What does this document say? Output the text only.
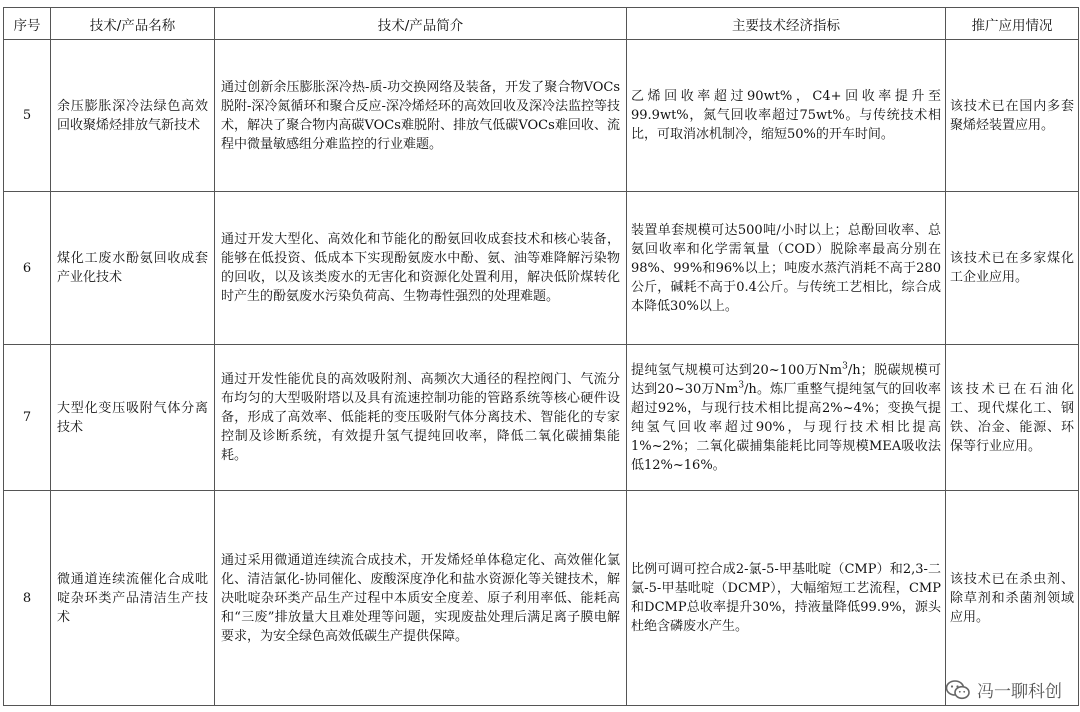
序号	技术/产品名称	技术/产品简介	主要技术经济指标	推广应用情况
5	余压膨胀深冷法绿色高效回收聚烯烃排放气新技术	通过创新余压膨胀深冷热-质-功交换网络及装备，开发了聚合物VOCs脱附-深冷氮循环和聚合反应-深冷烯烃环的高效回收及深冷法监控等技术，解决了聚合物内高碳VOCs难脱附、排放气低碳VOCs难回收、流程中微量敏感组分难监控的行业难题。	乙烯回收率超过90wt%，C4+回收率提升至99.9wt%，氮气回收率超过75wt%。与传统技术相比，可取消冰机制冷，缩短50%的开车时间。	该技术已在国内多套聚烯烃装置应用。

6	煤化工废水酚氨回收成套产业化技术	通过开发大型化、高效化和节能化的酚氨回收成套技术和核心装备，能够在低投资、低成本下实现酚氨废水中酚、氨、油等难降解污染物的回收，以及该类废水的无害化和资源化处置利用，解决低阶煤转化时产生的酚氨废水污染负荷高、生物毒性强烈的处理难题。	装置单套规模可达500吨/小时以上；总酚回收率、总氨回收率和化学需氧量（COD）脱除率最高分别在98%、99%和96%以上；吨废水蒸汽消耗不高于280公斤，碱耗不高于0.4公斤。与传统工艺相比，综合成本降低30%以上。	该技术已在多家煤化工企业应用。

7	大型化变压吸附气体分离技术	通过开发性能优良的高效吸附剂、高频次大通径的程控阀门、气流分布均匀的大型吸附塔以及具有流速控制功能的管路系统等核心硬件设备，形成了高效率、低能耗的变压吸附气体分离技术、智能化的专家控制及诊断系统，有效提升氢气提纯回收率，降低二氧化碳捕集能耗。	提纯氢气规模可达到20~100万Nm$^3$/h；脱碳规模可达到20~30万Nm$^3$/h。炼厂重整气提纯氢气的回收率超过92%，与现行技术相比提高2%~4%；变换气提纯氢气回收率超过90%，与现行技术相比提高1%~2%；二氧化碳捕集能耗比同等规模MEA吸收法低12%~16%。	该技术已在石油化工、现代煤化工、钢铁、冶金、能源、环保等行业应用。

8	微通道连续流催化合成吡啶杂环类产品清洁生产技术	通过采用微通道连续流合成技术，开发烯烃单体稳定化、高效催化氯化、清洁氯化-协同催化、废酸深度净化和盐水资源化等关键技术，解决吡啶杂环类产品生产过程中本质安全度差、原子利用率低、能耗高和“三废”排放量大且难处理等问题，实现废盐处理后满足离子膜电解要求，为安全绿色高效低碳生产提供保障。	比例可调可控合成2-氯-5-甲基吡啶（CMP）和2,3-二氯-5-甲基吡啶（DCMP），大幅缩短工艺流程，CMP和DCMP总收率提升30%，持液量降低99.9%，源头杜绝含磷废水产生。	该技术已在杀虫剂、除草剂和杀菌剂领域应用。
冯一聊科创
